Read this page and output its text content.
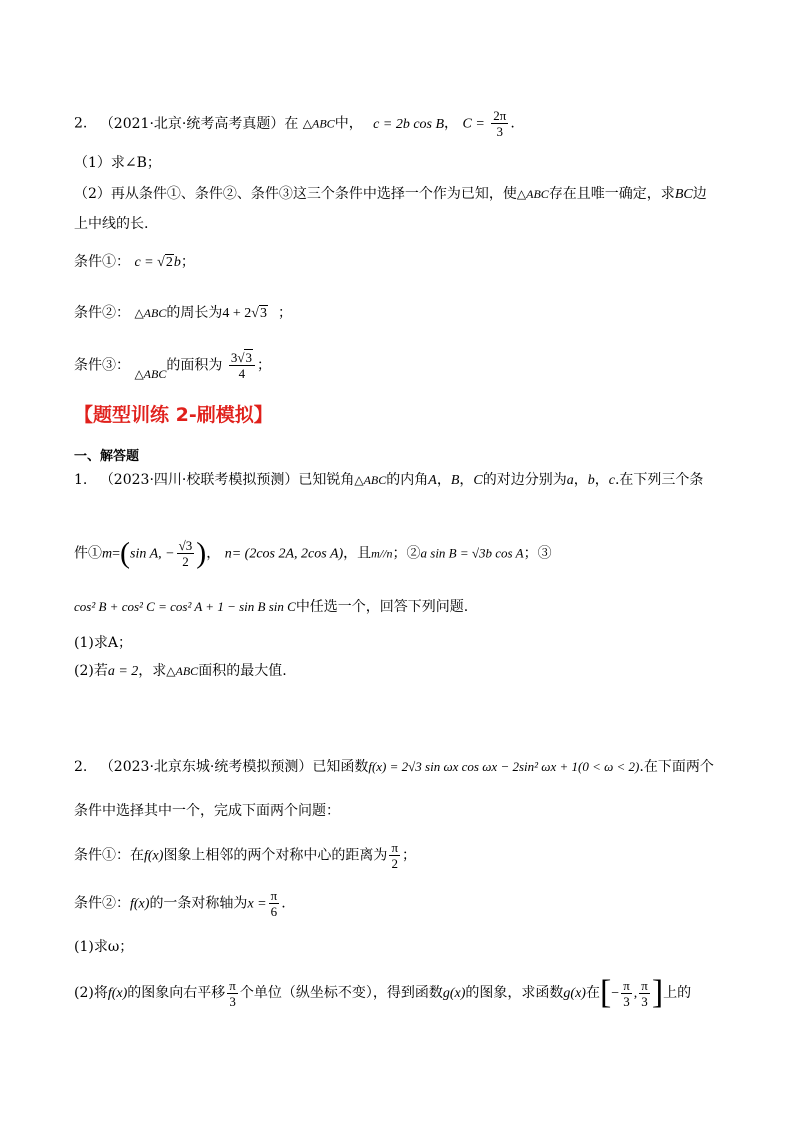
2. （2021·北京·统考高考真题）在 △ABC中， c = 2b cos B， $C = \frac{2\pi}{3}$ .
（1）求∠B；
（2）再从条件①、条件②、条件③这三个条件中选择一个作为已知，使△ABC存在且唯一确定，求BC边
上中线的长.
条件①： c = √2b；
条件②： △ABC的周长为4 + 2√3 ；
条件③： △ABC的面积为 $\frac{3√3}{4}$ ；
【题型训练 2-刷模拟】
一、解答题
1. （2023·四川·校联考模拟预测）已知锐角△ABC的内角A，B，C的对边分别为a，b，c.在下列三个条
件①m=(sin A, − $\frac{√3}{2}$ )， n= (2cos 2A, 2cos A)，且m//n；②a sin B = √3b cos A；③
cos² B + cos² C = cos² A + 1 − sin B sin C中任选一个，回答下列问题.
(1)求A；
(2)若a = 2，求△ABC面积的最大值.
2. （2023·北京东城·统考模拟预测）已知函数f(x) = 2√3 sin ωx cos ωx − 2sin² ωx + 1(0 < ω < 2).在下面两个
条件中选择其中一个，完成下面两个问题：
条件①：在f(x)图象上相邻的两个对称中心的距离为 $\frac{\pi}{2}$ ；
条件②：f(x)的一条对称轴为$x = \frac{\pi}{6}$ .
(1)求ω；
(2)将f(x)的图象向右平移 $\frac{\pi}{3}$ 个单位（纵坐标不变），得到函数g(x)的图象，求函数g(x)在[− $\frac{\pi}{3}$ , $\frac{\pi}{3}$ ]上的
